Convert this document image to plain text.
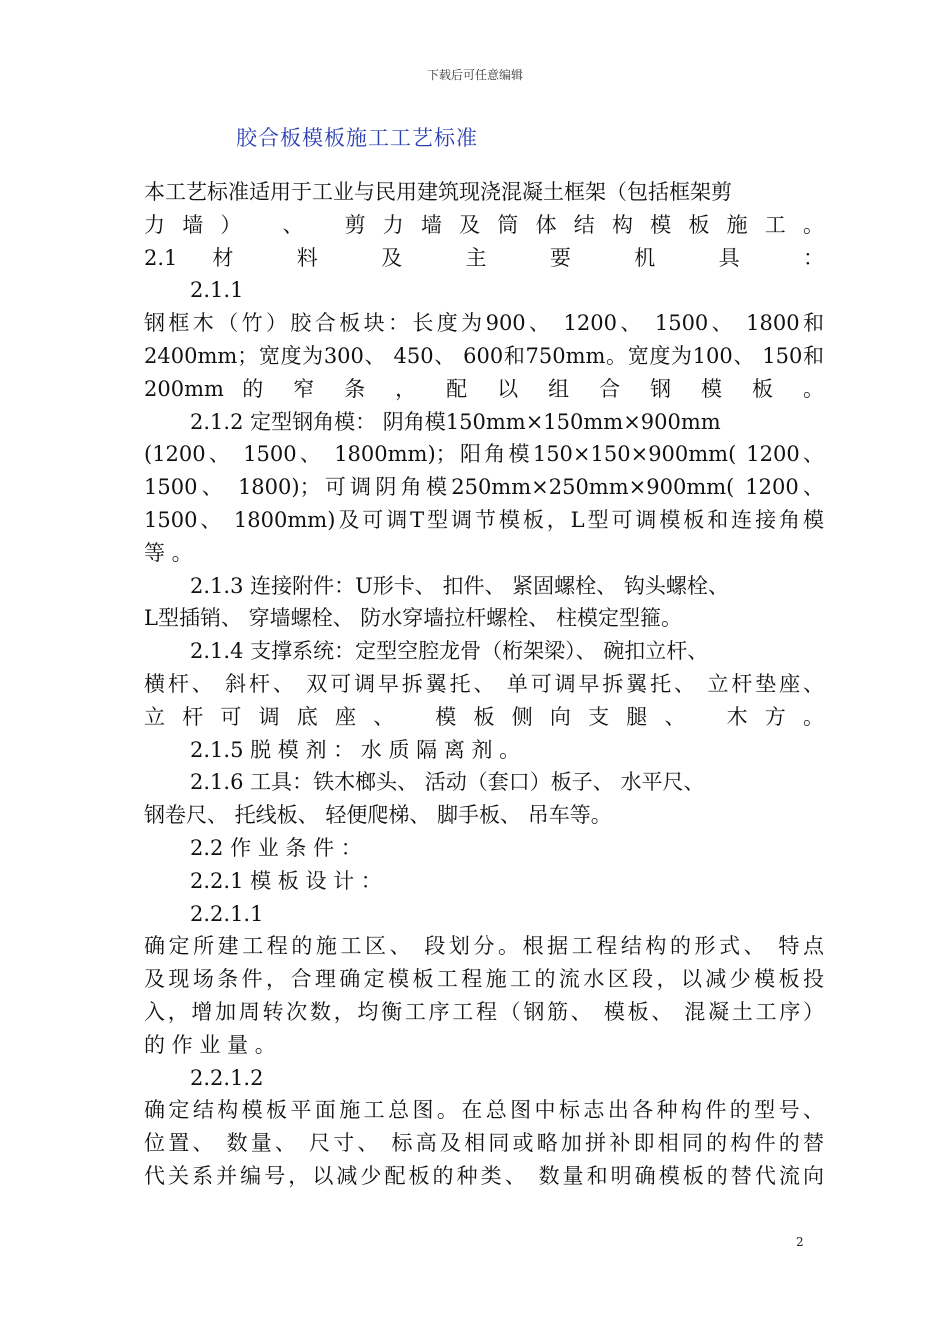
下载后可任意编辑
胶合板模板施工工艺标准
本工艺标准适用于工业与民用建筑现浇混凝土框架（包括框架剪
力墙） 、 剪力墙及筒体结构模板施工。
2.1 材 料 及 主 要 机 具 ：
2.1.1
钢框木（竹）胶合板块：长度为900、 1200、 1500、 1800和
2400mm；宽度为300、 450、 600和750mm。宽度为100、 150和
200mm 的 窄 条 ， 配 以 组 合 钢 模 板 。
2.1.2 定型钢角模： 阴角模150mm×150mm×900mm
(1200、 1500、 1800mm)；阳角模150×150×900mm( 1200、
1500、 1800)；可调阴角模250mm×250mm×900mm( 1200、
1500、 1800mm)及可调T型调节模板，L型可调模板和连接角模
等 。
2.1.3 连接附件：U形卡、 扣件、 紧固螺栓、 钩头螺栓、
L型插销、 穿墙螺栓、 防水穿墙拉杆螺栓、 柱模定型箍。
2.1.4 支撑系统：定型空腔龙骨（桁架梁）、 碗扣立杆、
横杆、 斜杆、 双可调早拆翼托、 单可调早拆翼托、 立杆垫座、
立杆可调底座、 模板侧向支腿、 木方。
2.1.5 脱 模 剂 ： 水 质 隔 离 剂 。
2.1.6 工具：铁木榔头、 活动（套口）板子、 水平尺、
钢卷尺、 托线板、 轻便爬梯、 脚手板、 吊车等。
2.2 作 业 条 件 ：
2.2.1 模 板 设 计 ：
2.2.1.1
确定所建工程的施工区、 段划分。根据工程结构的形式、 特点
及现场条件，合理确定模板工程施工的流水区段，以减少模板投
入，增加周转次数，均衡工序工程（钢筋、 模板、 混凝土工序）
的 作 业 量 。
2.2.1.2
确定结构模板平面施工总图。在总图中标志出各种构件的型号、
位置、 数量、 尺寸、 标高及相同或略加拼补即相同的构件的替
代关系并编号，以减少配板的种类、 数量和明确模板的替代流向
2
